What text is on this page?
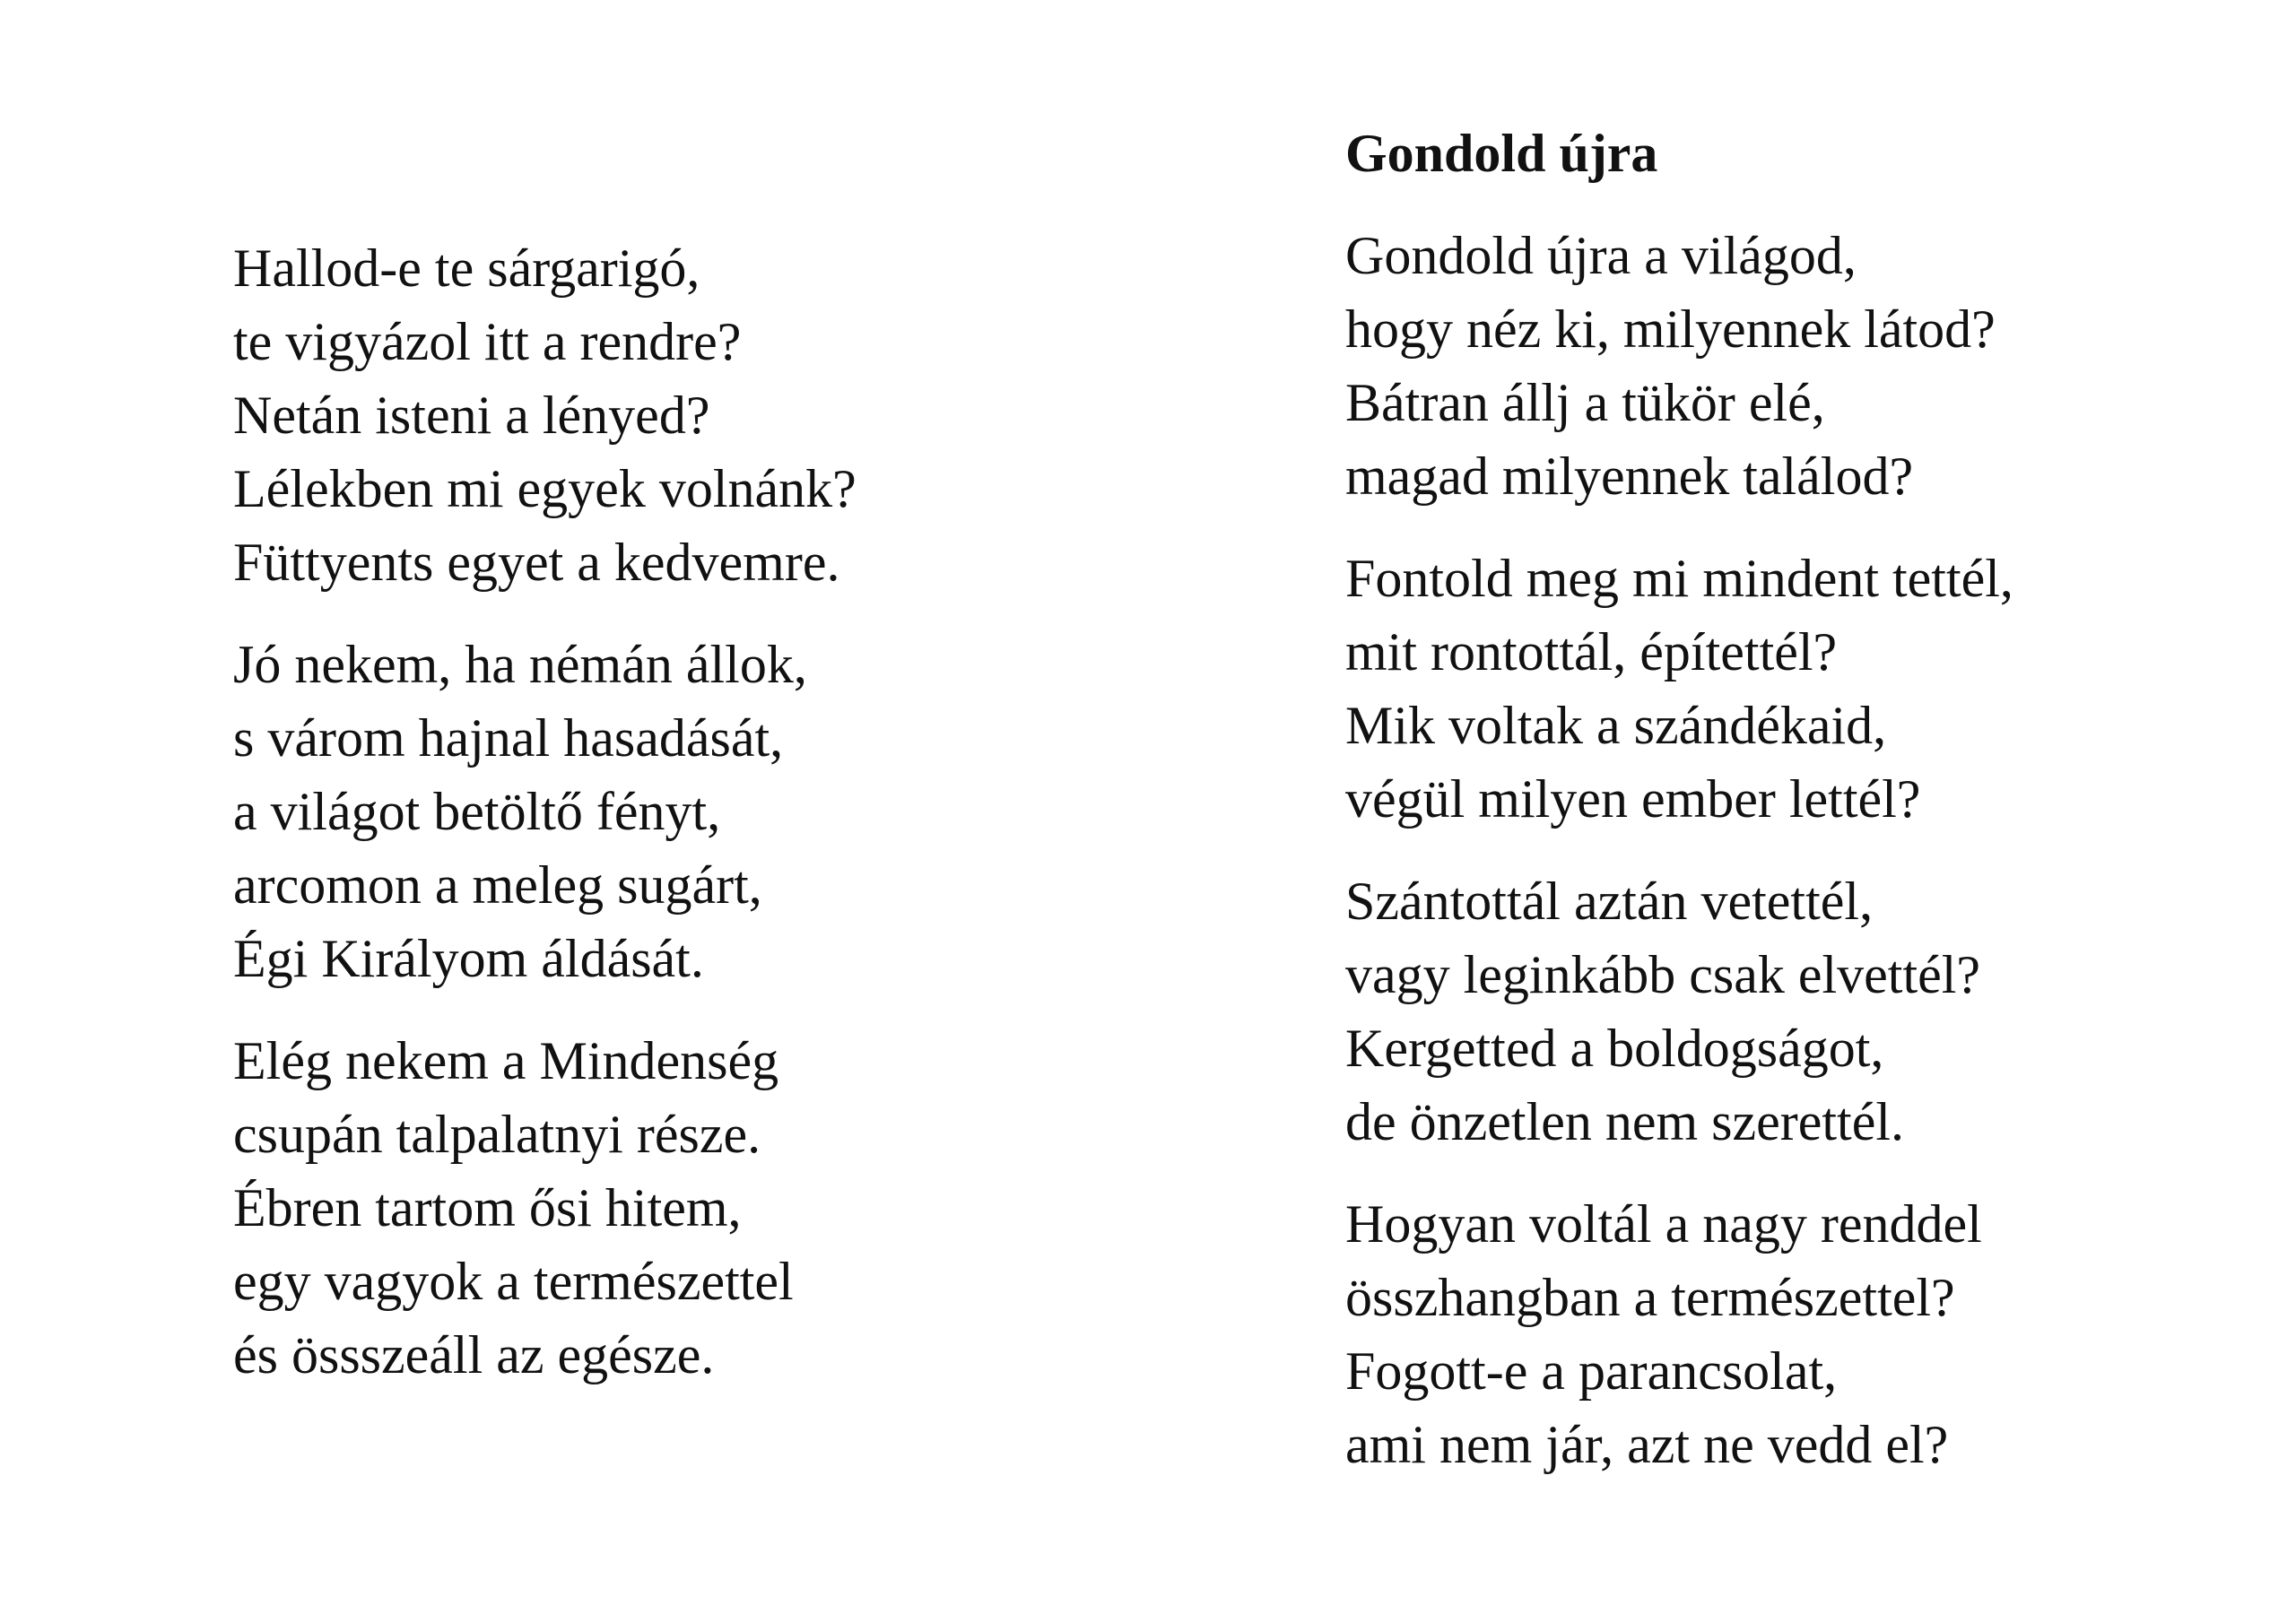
Hallod-e te sárgarigó,
te vigyázol itt a rendre?
Netán isteni a lényed?
Lélekben mi egyek volnánk?
Füttyents egyet a kedvemre.
Jó nekem, ha némán állok,
s várom hajnal hasadását,
a világot betöltő fényt,
arcomon a meleg sugárt,
Égi Királyom áldását.
Elég nekem a Mindenség
csupán talpalatnyi része.
Ébren tartom ősi hitem,
egy vagyok a természettel
és össszeáll az egésze.
Gondold újra
Gondold újra a világod,
hogy néz ki, milyennek látod?
Bátran állj a tükör elé,
magad milyennek találod?
Fontold meg mi mindent tettél,
mit rontottál, építettél?
Mik voltak a szándékaid,
végül milyen ember lettél?
Szántottál aztán vetettél,
vagy leginkább csak elvettél?
Kergetted a boldogságot,
de önzetlen nem szerettél.
Hogyan voltál a nagy renddel
összhangban a természettel?
Fogott-e a parancsolat,
ami nem jár, azt ne vedd el?
